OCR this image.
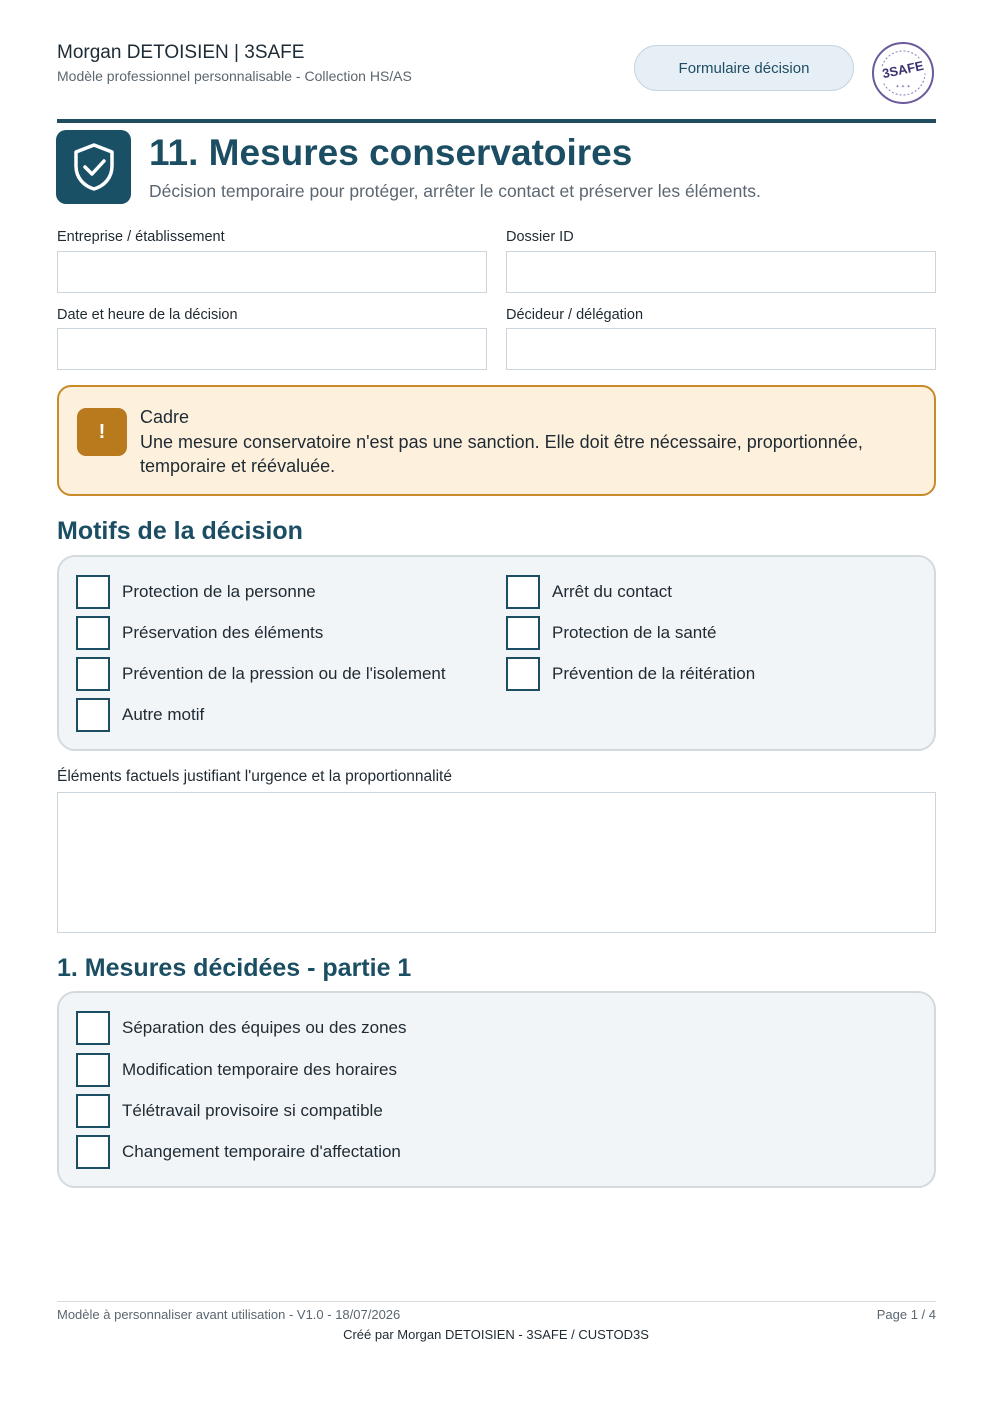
Morgan DETOISIEN | 3SAFE
Modèle professionnel personnalisable - Collection HS/AS	Formulaire décision	3SAFE
✦ ✦ ✦
11. Mesures conservatoires
Décision temporaire pour protéger, arrêter le contact et préserver les éléments.
Entreprise / établissement	Dossier ID
Date et heure de la décision	Décideur / délégation
!
Cadre
Une mesure conservatoire n'est pas une sanction. Elle doit être nécessaire, proportionnée, temporaire et réévaluée.
Motifs de la décision
Protection de la personne	Arrêt du contact
Préservation des éléments	Protection de la santé
Prévention de la pression ou de l'isolement	Prévention de la réitération
Autre motif
Éléments factuels justifiant l'urgence et la proportionnalité
1. Mesures décidées - partie 1
Séparation des équipes ou des zones
Modification temporaire des horaires
Télétravail provisoire si compatible
Changement temporaire d'affectation
Modèle à personnaliser avant utilisation - V1.0 - 18/07/2026	Page 1 / 4
Créé par Morgan DETOISIEN - 3SAFE / CUSTOD3S
